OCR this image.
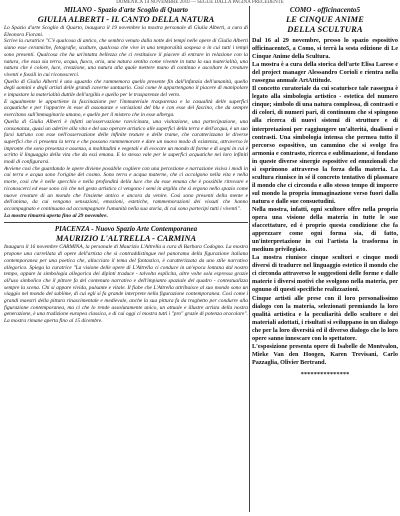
DOMENICA 14 NOVEMBRE 2010 — SEGUE DALLA PAGINA PRECEDENTE
MILANO - Spazio d'arte Scoglio di Quarto
GIULIA ALBERTI - IL CANTO DELLA NATURA

Lo Spazio d'arte Scoglio di Quarto, inaugura il 19 novembre la mostra personale di Giulia Alberti, a cura di Eleonora Fiorani.

Scrive la curatrice "C'è qualcosa di antico, che sembra venuto dalla notte dei tempi nelle opere di Giulia Alberti siano esse ceramiche, fotografie, sculture, qualcosa che vive in una temporalità sospesa o in cui tutti i tempi sono presenti. Qualcosa che ha un'intatta bellezza che ci restituisce il piacere di entrare in relazione con la natura, che essa sia terra, acqua, fuoco, aria, una natura sentita come vivente in tutta la sua materialità, una natura che è colore, luce, creazione, una natura alla quale mettere mano di continuo e ascoltare le creature viventi e fossili in cui riconoscerci.

Quello di Giulia Alberti è uno sguardo che rammemora quello presente fin dall'infanzia dell'umanità, quello degli uomini e degli artisti delle grandi caverne santuario. Così come le appartengono il piacere di manipolare e impastare la materialità duttile dell'argilla e quello per le trasparenze del vetro.

E ugualmente le appartiene la fascinazione per l'immateriale trasparenza e la casualità delle superfici acquatiche e per l'apparire in esse di assonanze e variazioni del blu e con esse del fascino, che da sempre esercitano sull'immaginario umano, e quello per il mistero che in esse alberga.

Quella di Giulia Alberti è infatti un'osservazione ravvicinata, una visitazione, una partecipazione, una consonanza, quasi un aderire alla vita e del suo operare artistico alle superfici della terra e dell'acqua, è un suo farsi tutt'uno con esse nell'osservazione delle infinite texture e delle trame, che caratterizzano le diverse superfici che ci presenta la terra e che possono rammemorare e dare un nuovo modo di esistenza, attraverso le impronte che sono presenza e assenza, a moltitudini e vegetali e di evocare un mondo di forme e di segni in cui è scritto il linguaggio della vita che da essi emana. E lo stesso vale per le superfici acquatiche nei loro infiniti modi di configurarsi.

Avviene così che guardando le opere diviene possibile cogliere con una percezione e narrazione visiva i modi in cui terra e acqua sono l'origine del cosmo. Sono terra e acqua materne, che ci accolgono nella vita e nella morte, così che è nelle specchio e nella profondità della luce che da esse emana che è possibile ritrovare e riconoscerci ed esse sono ciò che nel gesto artistico ci vengono i semi in argilla che si ergono nello spazio come nuove creature di un mondo che l'insieme antico e ancora da venire. Così sono presenti della mente e dell'anima, da cui vengono sensazioni, emozioni, estetiche, rammemorazioni dei vissuti che hanno accompagnato e continuano ad accompagnare l'umanità nella sua storia, di cui sono partecipi tutti i viventi".

La mostra rimarrà aperta fino al 29 novembre.

PIACENZA - Nuovo Spazio Arte Contemporanea
MAURIZIO L'ALTRELLA - CARMINA

Inaugura il 16 novembre CARMINA, la personale di Maurizio L'Altrella a cura di Barbara Codogno. La mostra propone una carrellata di opere dell'artista che si contraddistingue nel panorama della figurazione italiana contemporanea per una poetica che, allacciato il tema del fantastico, è caratterizzata da uno stile narrativo allegorico. Spiega la curatrice "La visione delle opere di L'Altrella ci conduce in un'epoca lontana dal nostro tempo, oppure la simbologia allegorica dei dipinti traduce - talvolta esplicita, altre volte sola espressa grazie all'uso simbolico che il pittore fa del contenuto narrativo e dell'impianto spaziale del quadro - contestualizza sempre la scena. Chi si appare vivida, pulsante e vitale. Il fiabe che L'Altrella attribuisce al suo mondo sono un viaggio nel mondo del sublime, di cui egli si fa grande interprete nella figurazione contemporanea. Così come i grandi maestri della pittura rinascimentale e medievale, anche la sua pittura fa da traghetto per condurre alla figurazione contemporanea, ma ci che lo rende assolutamente unico, un attuale e illustre artista della nostra generazione, è una tradizione europea classica, e di cui oggi ci mostra tutti i "pro" grazie di potenza oracolare". La mostra rimane aperta fino al 15 dicembre.

COMO - officinacento5
LE CINQUE ANIME
DELLA SCULTURA

Dal 16 al 29 novembre, presso lo spazio espositivo officinacento5, a Como, si terrà la sesta edizione di Le Cinque Anime della Scultura.

La mostra è a cura della storica dell'arte Elisa Larese e del project manager Alessandro Corioli e rientra nella rassegna annuale ArtAttitude.

Il concetto curatoriale da cui scaturisce tale rassegna è legato alla simbologia artistico - estetica del numero cinque; simbolo di una natura complessa, di contrasti e di colori, di numeri pari, di continuum che si spingono alla ricerca di nuovi sistemi di strutture e di interpretazioni per raggiungere un'alterità, dualismi e contrasti. Una simbologia intensa che permea tutto il percorso espositivo, un cammino che si svolge fra armonia e contrasto, ricerca e sublimazione, si fondano in queste diverse sinergie espositive ed emozionali che si esprimono attraverso la forza della materia. La scultura riunisce in sé il concreto tentativo di plasmare il mondo che ci circonda e allo stesso tempo di imporre sul mondo la propria immaginazione verso fuori dalla natura e dalle sue consuetudini.

Nella mostra, infatti, ogni scultore offre nella propria opera una visione della materia in tutte le sue sfaccettature, ed è proprio questa condizione che fa apprezzare come ogni forma sia, di fatto, un'interpretazione in cui l'artista la trasforma in medium privilegiato.

La mostra riunisce cinque scultori e cinque modi diversi di tradurre nel linguaggio estetico il mondo che ci circonda attraverso le suggestioni delle forme e dalle materie i diversi motivi che svolgono nella materia, per ognuno di questi specifiche realizzazioni.

Cinque artisti alle prese con il loro personalissimo dialogo con la materia, selezionati premiando la loro qualità artistica e la peculiarità dello scultore e dei materiali adottati, i risultati si sviluppano in un dialogo che per la loro diversità ed il diverso dialogo che lo loro opere sanno innescare con lo spettatore.

L'esposizione presenta opere di Isabelle de Montvalon, Mieke Van den Hoogen, Karen Trevisani, Carlo Pazzaglia, Olivier Bertrand.

***************
